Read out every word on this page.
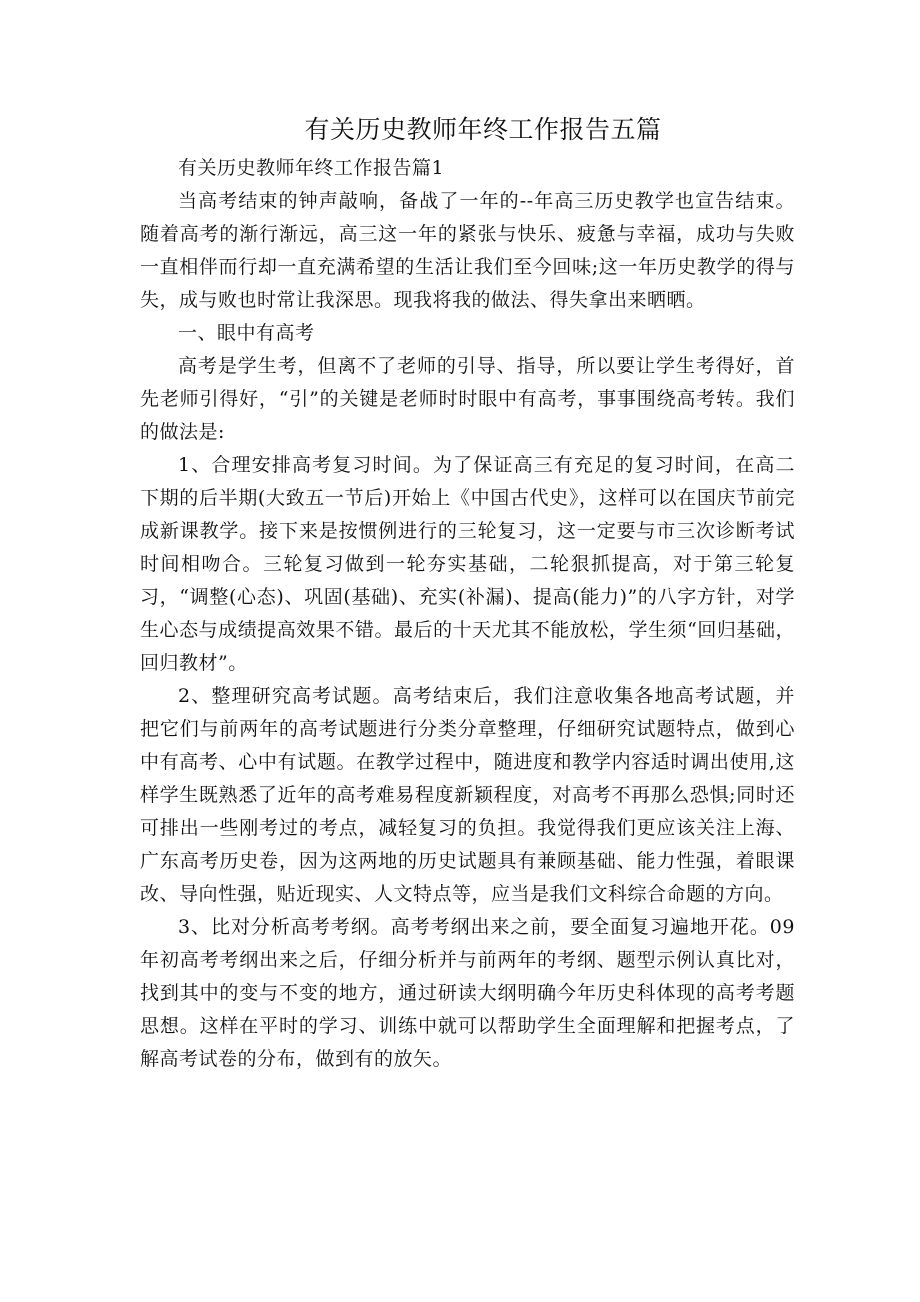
有关历史教师年终工作报告五篇

有关历史教师年终工作报告篇1

当高考结束的钟声敲响，备战了一年的--年高三历史教学也宣告结束。随着高考的渐行渐远，高三这一年的紧张与快乐、疲惫与幸福，成功与失败一直相伴而行却一直充满希望的生活让我们至今回味;这一年历史教学的得与失，成与败也时常让我深思。现我将我的做法、得失拿出来晒晒。

一、眼中有高考

高考是学生考，但离不了老师的引导、指导，所以要让学生考得好，首先老师引得好，“引”的关键是老师时时眼中有高考，事事围绕高考转。我们的做法是:

1、合理安排高考复习时间。为了保证高三有充足的复习时间，在高二下期的后半期(大致五一节后)开始上《中国古代史》，这样可以在国庆节前完成新课教学。接下来是按惯例进行的三轮复习，这一定要与市三次诊断考试时间相吻合。三轮复习做到一轮夯实基础，二轮狠抓提高，对于第三轮复习，“调整(心态)、巩固(基础)、充实(补漏)、提高(能力)”的八字方针，对学生心态与成绩提高效果不错。最后的十天尤其不能放松，学生须“回归基础，回归教材”。

2、整理研究高考试题。高考结束后，我们注意收集各地高考试题，并把它们与前两年的高考试题进行分类分章整理，仔细研究试题特点，做到心中有高考、心中有试题。在教学过程中，随进度和教学内容适时调出使用,这样学生既熟悉了近年的高考难易程度新颖程度，对高考不再那么恐惧;同时还可排出一些刚考过的考点，减轻复习的负担。我觉得我们更应该关注上海、广东高考历史卷，因为这两地的历史试题具有兼顾基础、能力性强，着眼课改、导向性强，贴近现实、人文特点等，应当是我们文科综合命题的方向。

3、比对分析高考考纲。高考考纲出来之前，要全面复习遍地开花。09年初高考考纲出来之后，仔细分析并与前两年的考纲、题型示例认真比对，找到其中的变与不变的地方，通过研读大纲明确今年历史科体现的高考考题思想。这样在平时的学习、训练中就可以帮助学生全面理解和把握考点，了解高考试卷的分布，做到有的放矢。
